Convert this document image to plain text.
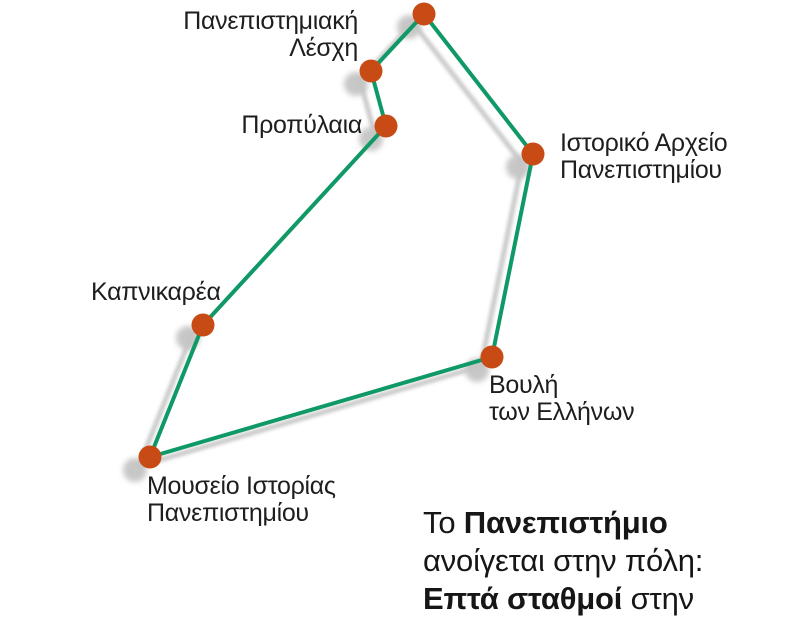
Πανεπιστημιακή
Λέσχη
Προπύλαια
Ιστορικό Αρχείο
Πανεπιστημίου
Καπνικαρέα
Βουλή
των Ελλήνων
Μουσείο Ιστορίας
Πανεπιστημίου	Το Πανεπιστήμιο
ανοίγεται στην πόλη:
Επτά σταθμοί στην
